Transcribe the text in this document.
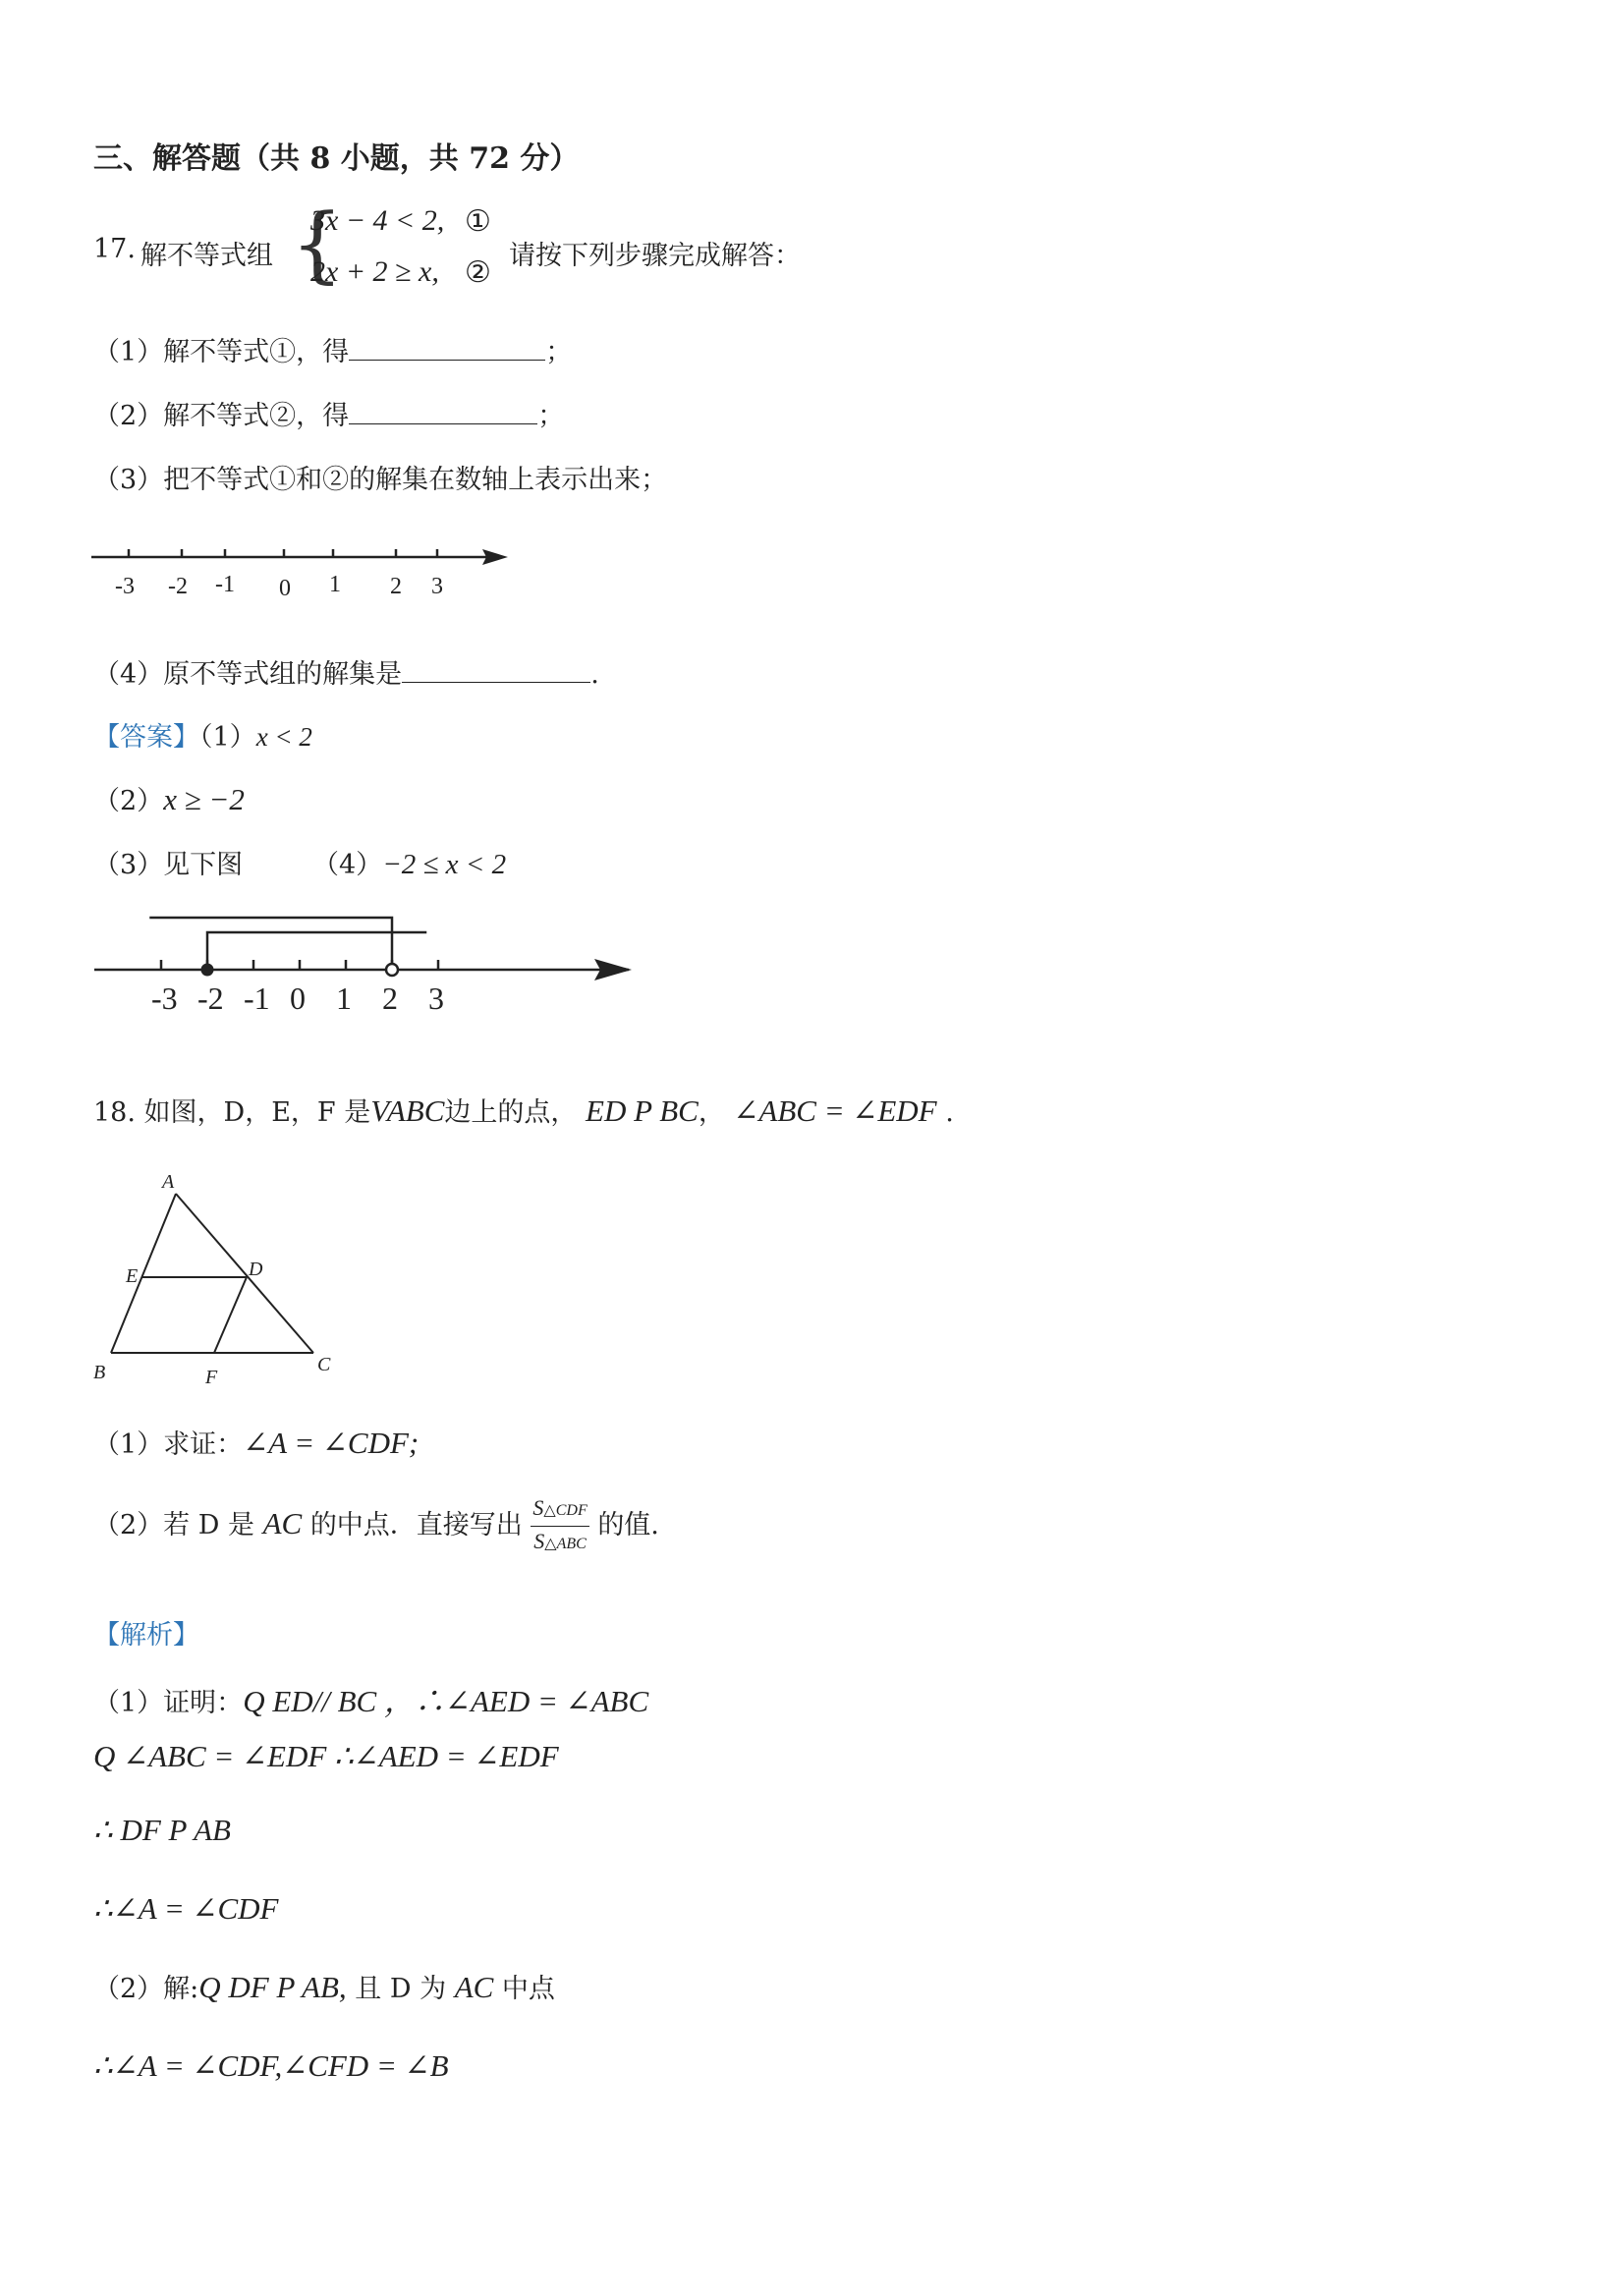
三、解答题（共 8 小题，共 72 分）
17. 解不等式组 {
3x − 4 < 2, ①
2x + 2 ≥ x, ② 请按下列步骤完成解答：
（1）解不等式①，得	；
（2）解不等式②，得	；
（3）把不等式①和②的解集在数轴上表示出来；
-3 -2 -1 0 1 2 3
（4）原不等式组的解集是	.
【答案】（1）x < 2
（2）x ≥ −2
（3）见下图	（4）−2 ≤ x < 2
-3 -2 -1 0 1 2 3
18. 如图，D，E，F 是VABC边上的点， ED P BC， ∠ABC = ∠EDF .
A
E	D
B	F
C
（1）求证：∠A = ∠CDF;
（2）若 D 是 AC 的中点．直接写出 $\frac{\text{S△CDF}}{\text{S△ABC}}$ 的值.
【解析】
（1）证明：Q ED// BC ，∴∠AED = ∠ABC
Q ∠ABC = ∠EDF ∴∠AED = ∠EDF
∴ DF P AB
∴∠A = ∠CDF
（2）解:Q DF P AB, 且 D 为 AC 中点
∴∠A = ∠CDF,∠CFD = ∠B
